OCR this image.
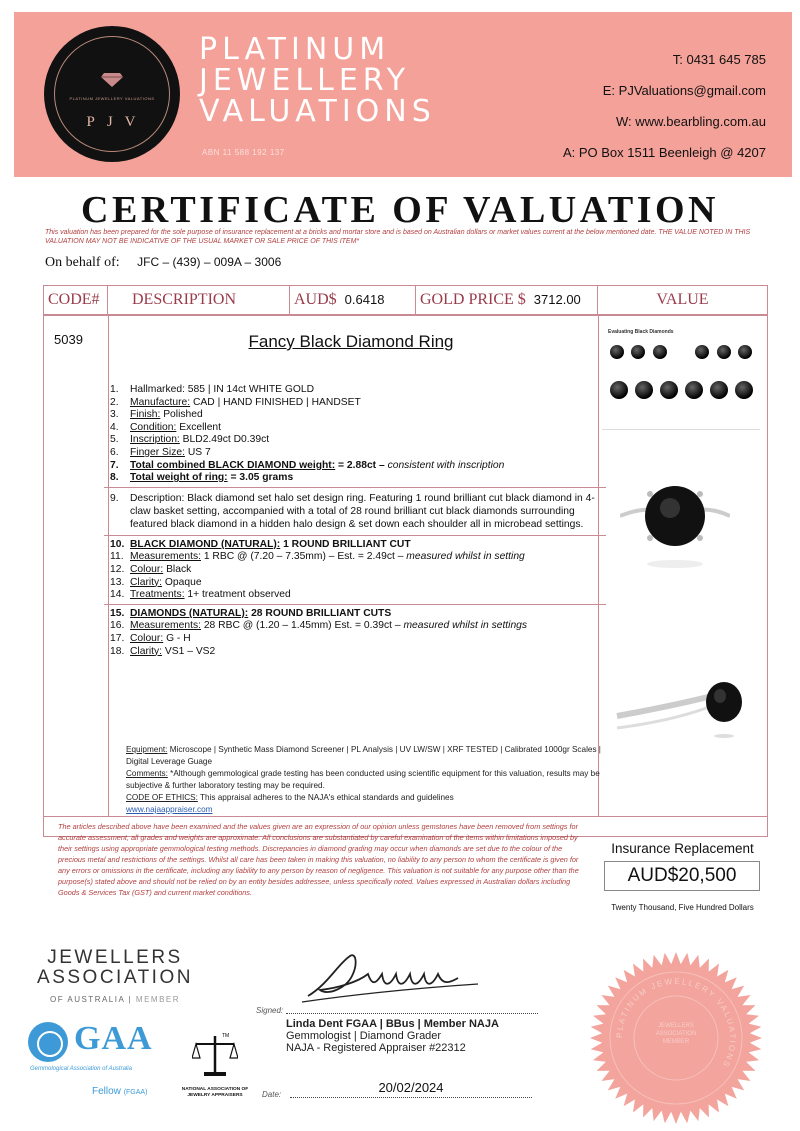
PLATINUM JEWELLERY VALUATIONS
PJV
PLATINUM
JEWELLERY
VALUATIONS
ABN 11 588 192 137
T: 0431 645 785
E: PJValuations@gmail.com
W: www.bearbling.com.au
A: PO Box 1511 Beenleigh @ 4207
CERTIFICATE OF VALUATION
This valuation has been prepared for the sole purpose of insurance replacement at a bricks and mortar store and is based on Australian dollars or market values current at the below mentioned date. THE VALUE NOTED IN THIS VALUATION MAY NOT BE INDICATIVE OF THE USUAL MARKET OR SALE PRICE OF THIS ITEM*
On behalf of: JFC – (439) – 009A – 3006
CODE#	DESCRIPTION	AUD$ 0.6418	GOLD PRICE $ 3712.00	VALUE
5039	Fancy Black Diamond Ring
1.	Hallmarked: 585 | IN 14ct WHITE GOLD
2.	Manufacture: CAD | HAND FINISHED | HANDSET
3.	Finish: Polished
4.	Condition: Excellent
5.	Inscription: BLD2.49ct D0.39ct
6.	Finger Size: US 7
7.	Total combined BLACK DIAMOND weight: = 2.88ct – consistent with inscription
8.	Total weight of ring: = 3.05 grams
9.	Description: Black diamond set halo set design ring. Featuring 1 round brilliant cut black diamond in 4-claw basket setting, accompanied with a total of 28 round brilliant cut black diamonds surrounding featured black diamond in a hidden halo design & set down each shoulder all in microbead settings.
10. BLACK DIAMOND (NATURAL): 1 ROUND BRILLIANT CUT
11. Measurements: 1 RBC @ (7.20 – 7.35mm) – Est. = 2.49ct – measured whilst in setting
12. Colour: Black
13. Clarity: Opaque
14. Treatments: 1+ treatment observed
15. DIAMONDS (NATURAL): 28 ROUND BRILLIANT CUTS
16. Measurements: 28 RBC @ (1.20 – 1.45mm) Est. = 0.39ct – measured whilst in settings
17. Colour: G - H
18. Clarity: VS1 – VS2
Equipment: Microscope | Synthetic Mass Diamond Screener | PL Analysis | UV LW/SW | XRF TESTED | Calibrated 1000gr Scales | Digital Leverage Guage
Comments: *Although gemmological grade testing has been conducted using scientific equipment for this valuation, results may be subjective & further laboratory testing may be required.
CODE OF ETHICS: This appraisal adheres to the NAJA's ethical standards and guidelines
www.najaappraiser.com
Evaluating Black Diamonds
The articles described above have been examined and the values given are an expression of our opinion unless gemstones have been removed from settings for accurate assessment, all grades and weights are approximate. All conclusions are substantiated by careful examination of the items within limitations imposed by their settings using appropriate gemmological testing methods. Discrepancies in diamond grading may occur when diamonds are set due to the colour of the precious metal and restrictions of the settings. Whilst all care has been taken in making this valuation, no liability to any person to whom the certificate is given for any errors or omissions in the certificate, including any liability to any person by reason of negligence. This valuation is not suitable for any purpose other than the purpose(s) stated above and should not be relied on by an entity besides addressee, unless specifically noted. Values expressed in Australian dollars including Goods & Services Tax (GST) and current market conditions.
Insurance Replacement
AUD$20,500
Twenty Thousand, Five Hundred Dollars
JEWELLERS
ASSOCIATION
OF AUSTRALIA | MEMBER
GAA
Gemmological Association of Australia
Fellow (FGAA)
TM
NATIONAL ASSOCIATION OF JEWELRY APPRAISERS
Signed:
Linda Dent FGAA | BBus | Member NAJA
Gemmologist | Diamond Grader
NAJA - Registered Appraiser #22312
Date:	20/02/2024
PLATINUM JEWELLERY VALUATIONS
JEWELLERS ASSOCIATION MEMBER
